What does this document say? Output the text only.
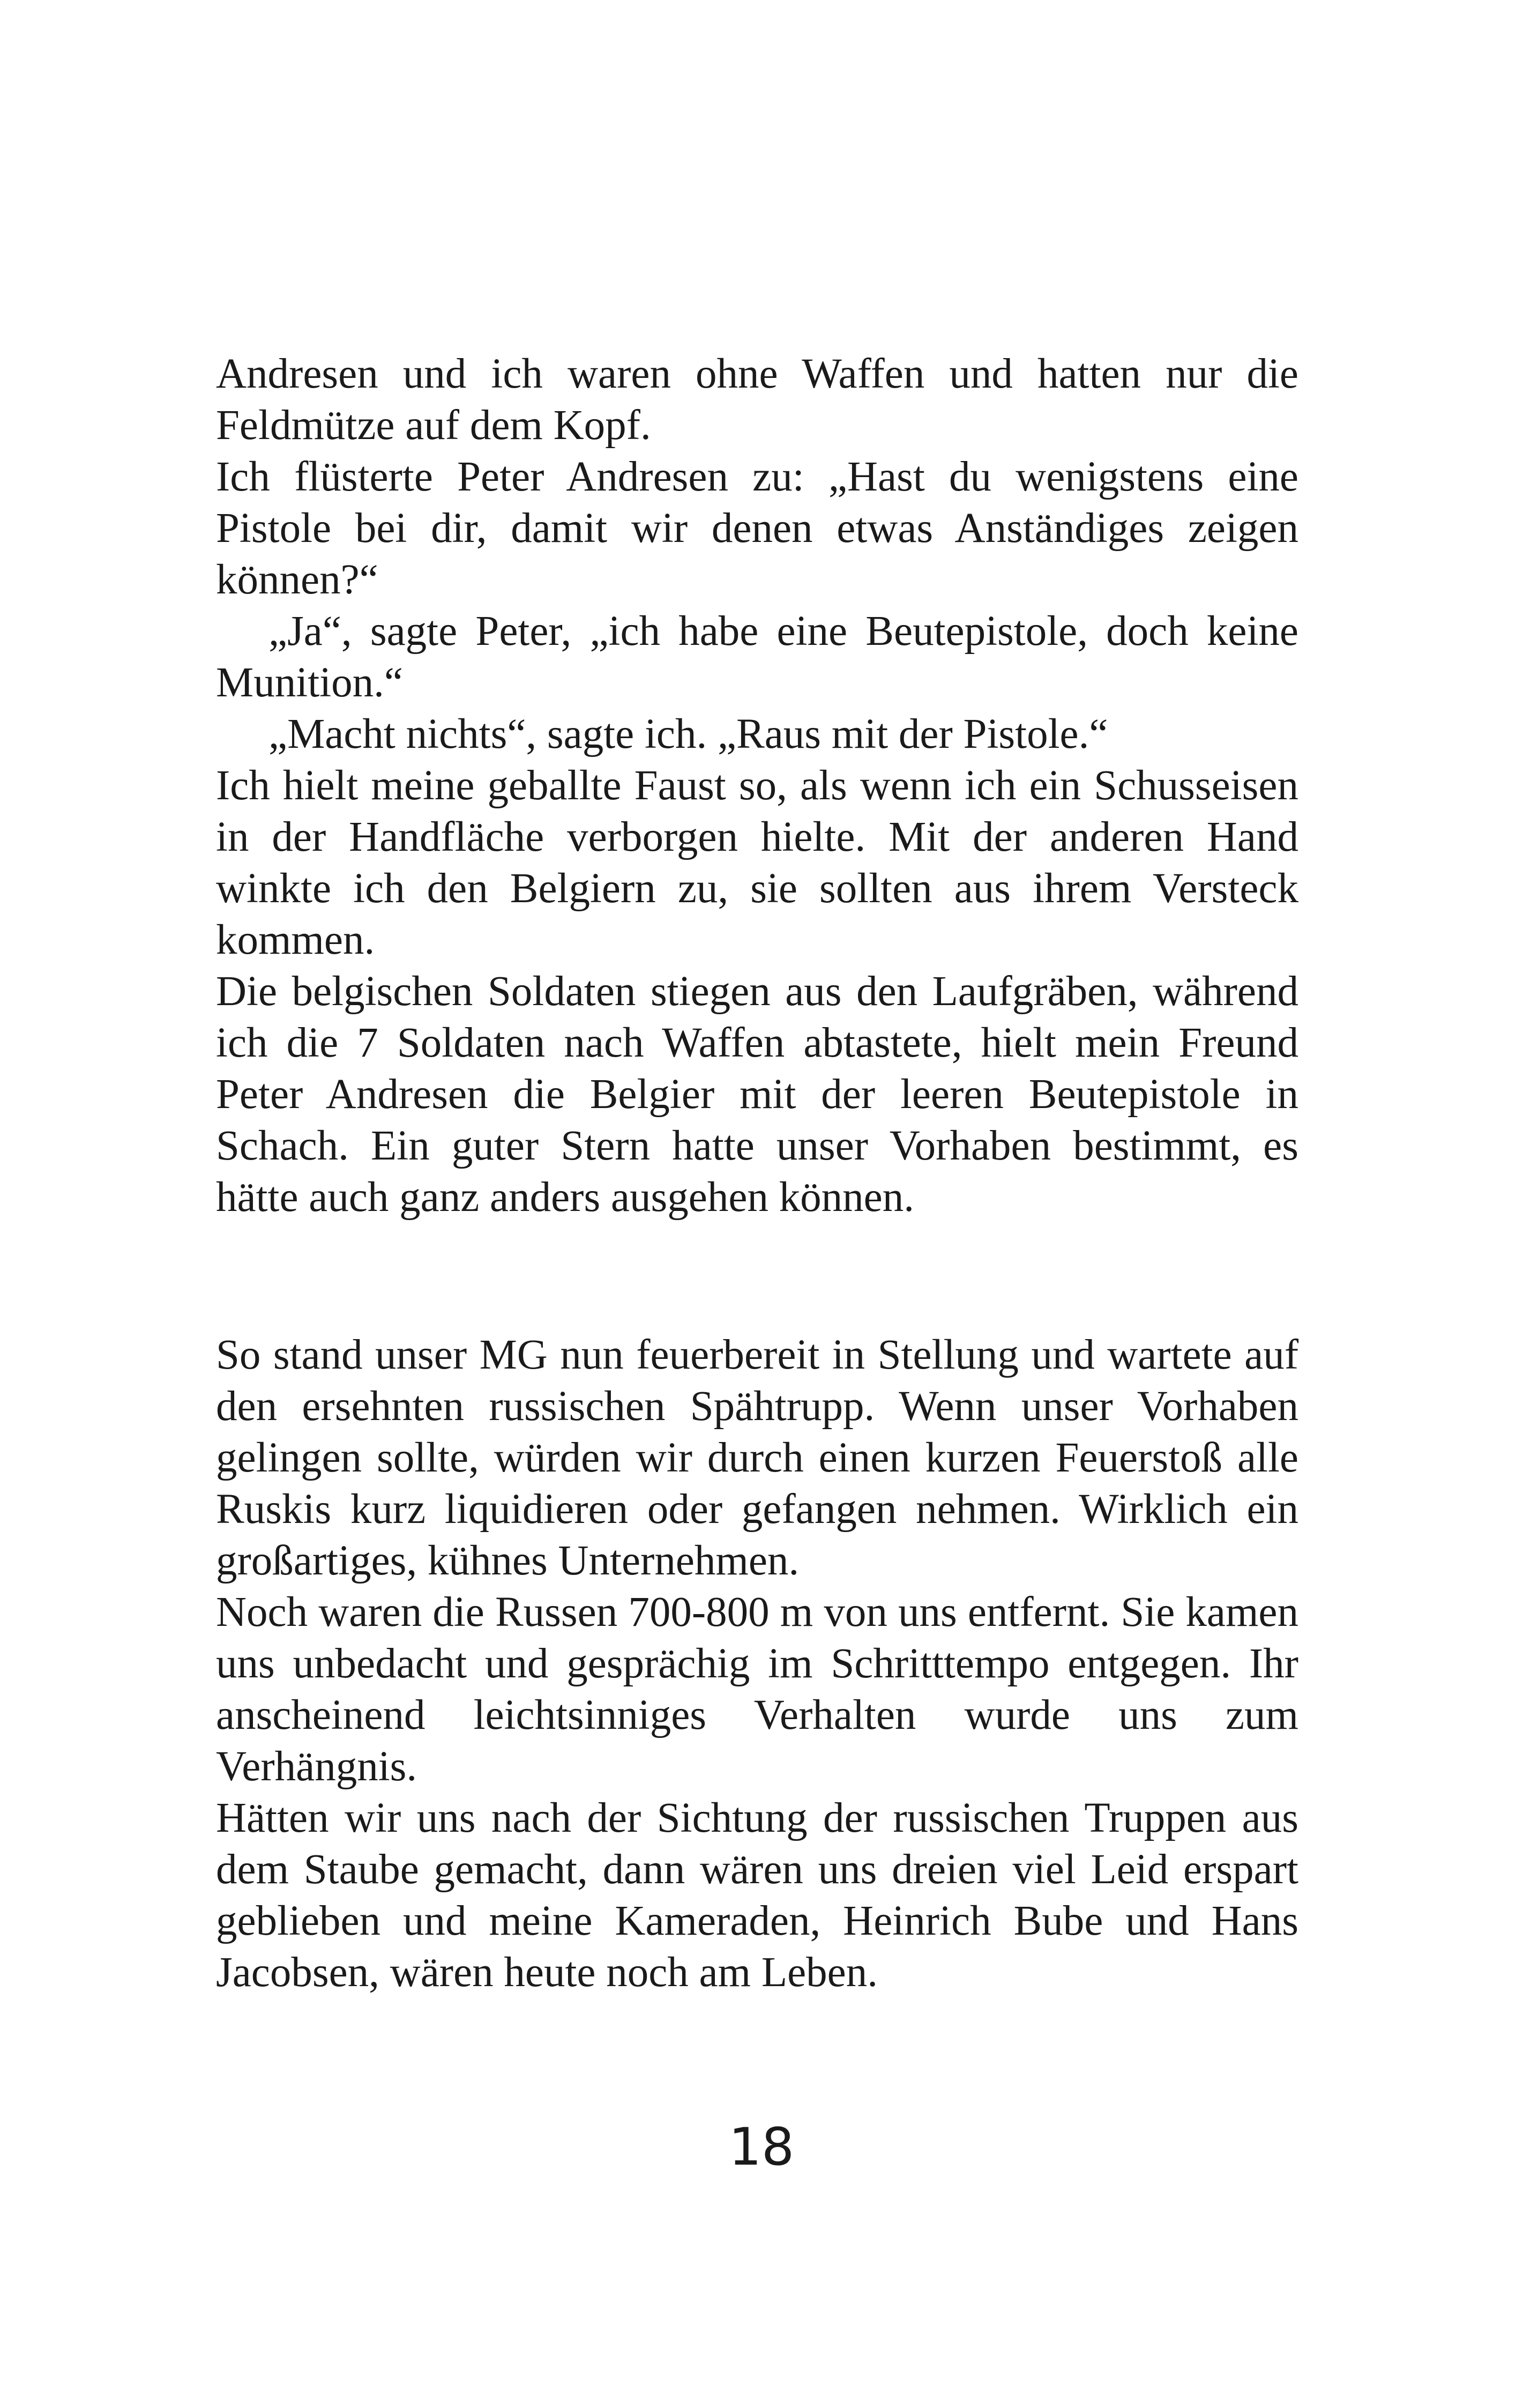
Andresen und ich waren ohne Waffen und hatten nur die Feldmütze auf dem Kopf.

Ich flüsterte Peter Andresen zu: „Hast du wenigstens eine Pistole bei dir, damit wir denen etwas Anständiges zeigen können?“

„Ja“, sagte Peter, „ich habe eine Beutepistole, doch keine Munition.“

„Macht nichts“, sagte ich. „Raus mit der Pistole.“

Ich hielt meine geballte Faust so, als wenn ich ein Schusseisen in der Handfläche verborgen hielte. Mit der anderen Hand winkte ich den Belgiern zu, sie sollten aus ihrem Versteck kommen.

Die belgischen Soldaten stiegen aus den Laufgräben, während ich die 7 Soldaten nach Waffen abtastete, hielt mein Freund Peter Andresen die Belgier mit der leeren Beutepistole in Schach. Ein guter Stern hatte unser Vorhaben bestimmt, es hätte auch ganz anders ausgehen können.

So stand unser MG nun feuerbereit in Stellung und wartete auf den ersehnten russischen Spähtrupp. Wenn unser Vorhaben gelingen sollte, würden wir durch einen kurzen Feuerstoß alle Ruskis kurz liquidieren oder gefangen nehmen. Wirklich ein großartiges, kühnes Unternehmen.

Noch waren die Russen 700-800 m von uns entfernt. Sie kamen uns unbedacht und gesprächig im Schritttempo entgegen. Ihr anscheinend leichtsinniges Verhalten wurde uns zum Verhängnis.

Hätten wir uns nach der Sichtung der russischen Truppen aus dem Staube gemacht, dann wären uns dreien viel Leid erspart geblieben und meine Kameraden, Heinrich Bube und Hans Jacobsen, wären heute noch am Leben.

18
